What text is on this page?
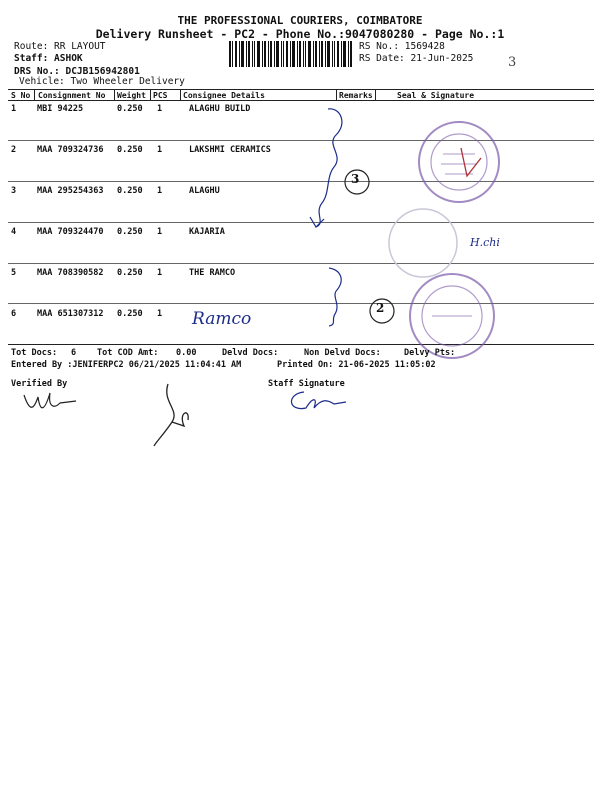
THE PROFESSIONAL COURIERS, COIMBATORE
Delivery Runsheet - PC2 - Phone No.:9047080280 - Page No.:1
Route: RR LAYOUT
Staff: ASHOK
DRS No.: DCJB156942801
Vehicle: Two Wheeler Delivery
RS No.: 1569428
RS Date: 21-Jun-2025	3
S No Consignment No Weight PCS Consignee Details	Remarks	Seal & Signature
1 MBI 94225	0.250 1	ALAGHU BUILD
2 MAA 709324736 0.250 1	LAKSHMI CERAMICS
3 MAA 295254363 0.250 1	ALAGHU
4 MAA 709324470 0.250 1	KAJARIA
5 MAA 708390582 0.250 1	THE RAMCO
6 MAA 651307312 0.250 1 Ramco
3
2
H.chi
Tot Docs: 6 Tot COD Amt: 0.00	Delvd Docs:	Non Delvd Docs:	Delvy Pts:
Entered By :JENIFERPC2 06/21/2025 11:04:41 AM	Printed On: 21-06-2025 11:05:02
Verified By	Staff Signature
